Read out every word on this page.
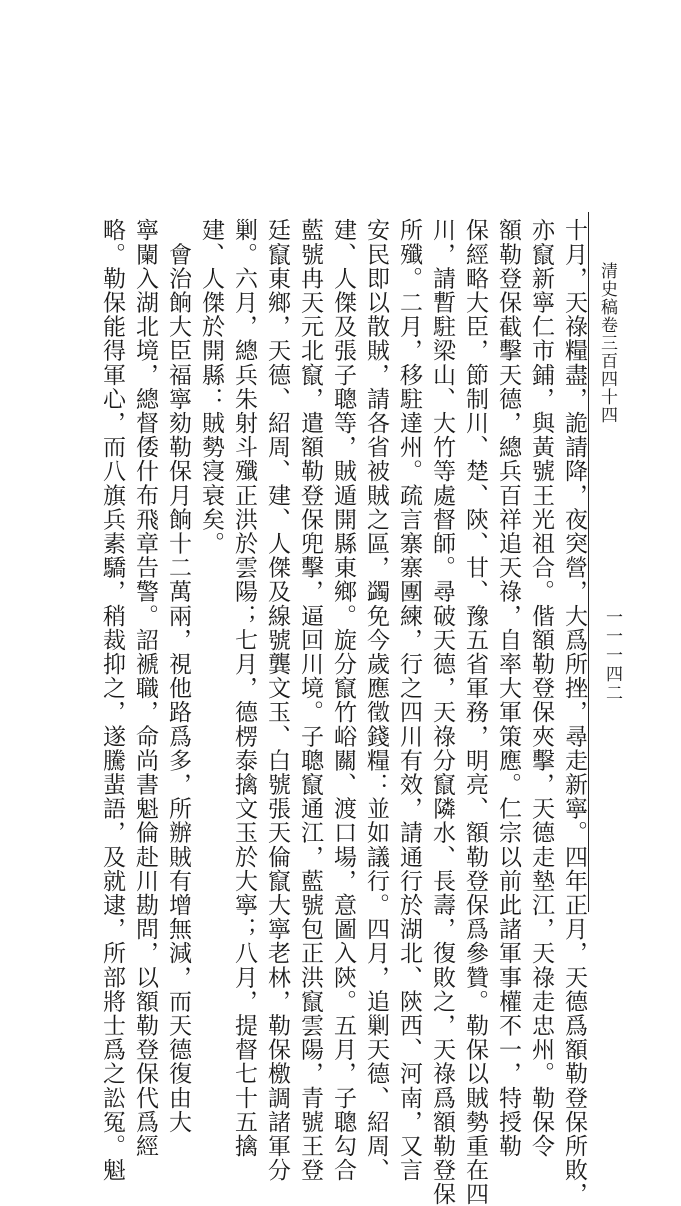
清史稿卷三百四十四
一一一四二
十月，天祿糧盡，詭請降，夜突營，大爲所挫，尋走新寧。四年正月，天德爲額勒登保所敗，
亦竄新寧仁市鋪，與黃號王光祖合。偕額勒登保夾擊，天德走墊江，天祿走忠州。勒保令
額勒登保截擊天德，總兵百祥追天祿，自率大軍策應。仁宗以前此諸軍事權不一，特授勒
保經略大臣，節制川、楚、陝、甘、豫五省軍務，明亮、額勒登保爲參贊。勒保以賊勢重在四
川，請暫駐梁山、大竹等處督師。尋破天德，天祿分竄隣水、長壽，復敗之，天祿爲額勒登保
所殲。二月，移駐達州。疏言寨寨團練，行之四川有效，請通行於湖北、陝西、河南，又言
安民即以散賊，請各省被賊之區，蠲免今歲應徵錢糧：並如議行。四月，追剿天德、紹周、
建、人傑及張子聰等，賊遁開縣東鄉。旋分竄竹峪關、渡口場，意圖入陝。五月，子聰勾合
藍號冉天元北竄，遣額勒登保兜擊，逼回川境。子聰竄通江，藍號包正洪竄雲陽，青號王登
廷竄東鄉，天德、紹周、建、人傑及線號龔文玉、白號張天倫竄大寧老林，勒保檄調諸軍分
剿。六月，總兵朱射斗殲正洪於雲陽；七月，德楞泰擒文玉於大寧；八月，提督七十五擒
建、人傑於開縣：賊勢寖衰矣。
　會治餉大臣福寧劾勒保月餉十二萬兩，視他路爲多，所辦賊有增無減，而天德復由大
寧闌入湖北境，總督倭什布飛章告警。詔褫職，命尚書魁倫赴川勘問，以額勒登保代爲經
略。勒保能得軍心，而八旗兵素驕，稍裁抑之，遂騰蜚語，及就逮，所部將士爲之訟冤。魁
